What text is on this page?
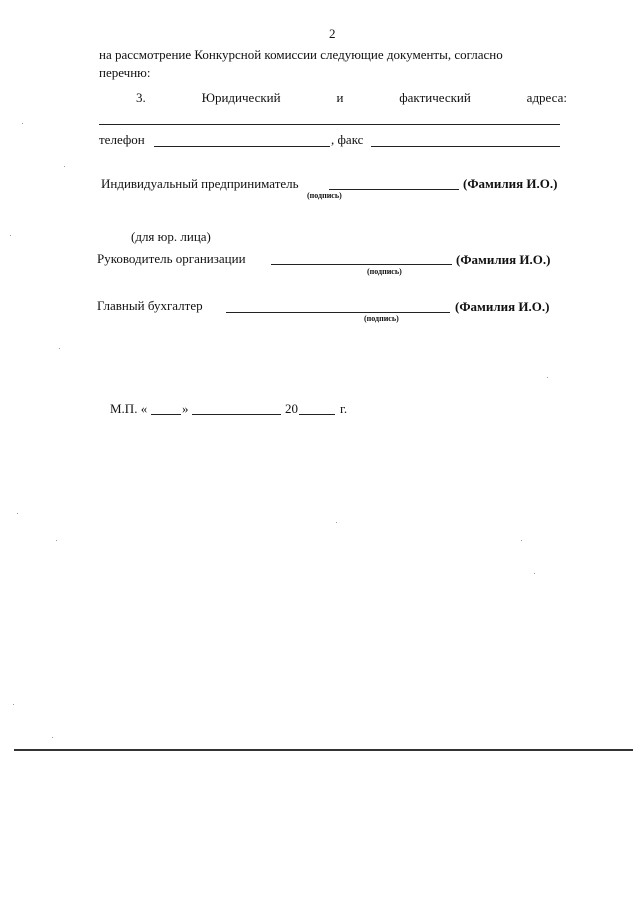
2
на рассмотрение Конкурсной комиссии следующие документы, согласно
перечню:
3.	Юридический	и	фактический	адреса:
телефон	, факс
Индивидуальный предприниматель	(Фамилия И.О.)
(подпись)
(для юр. лица)
Руководитель организации	(Фамилия И.О.)
(подпись)
Главный бухгалтер	(Фамилия И.О.)
(подпись)
М.П. «	»	20	г.
